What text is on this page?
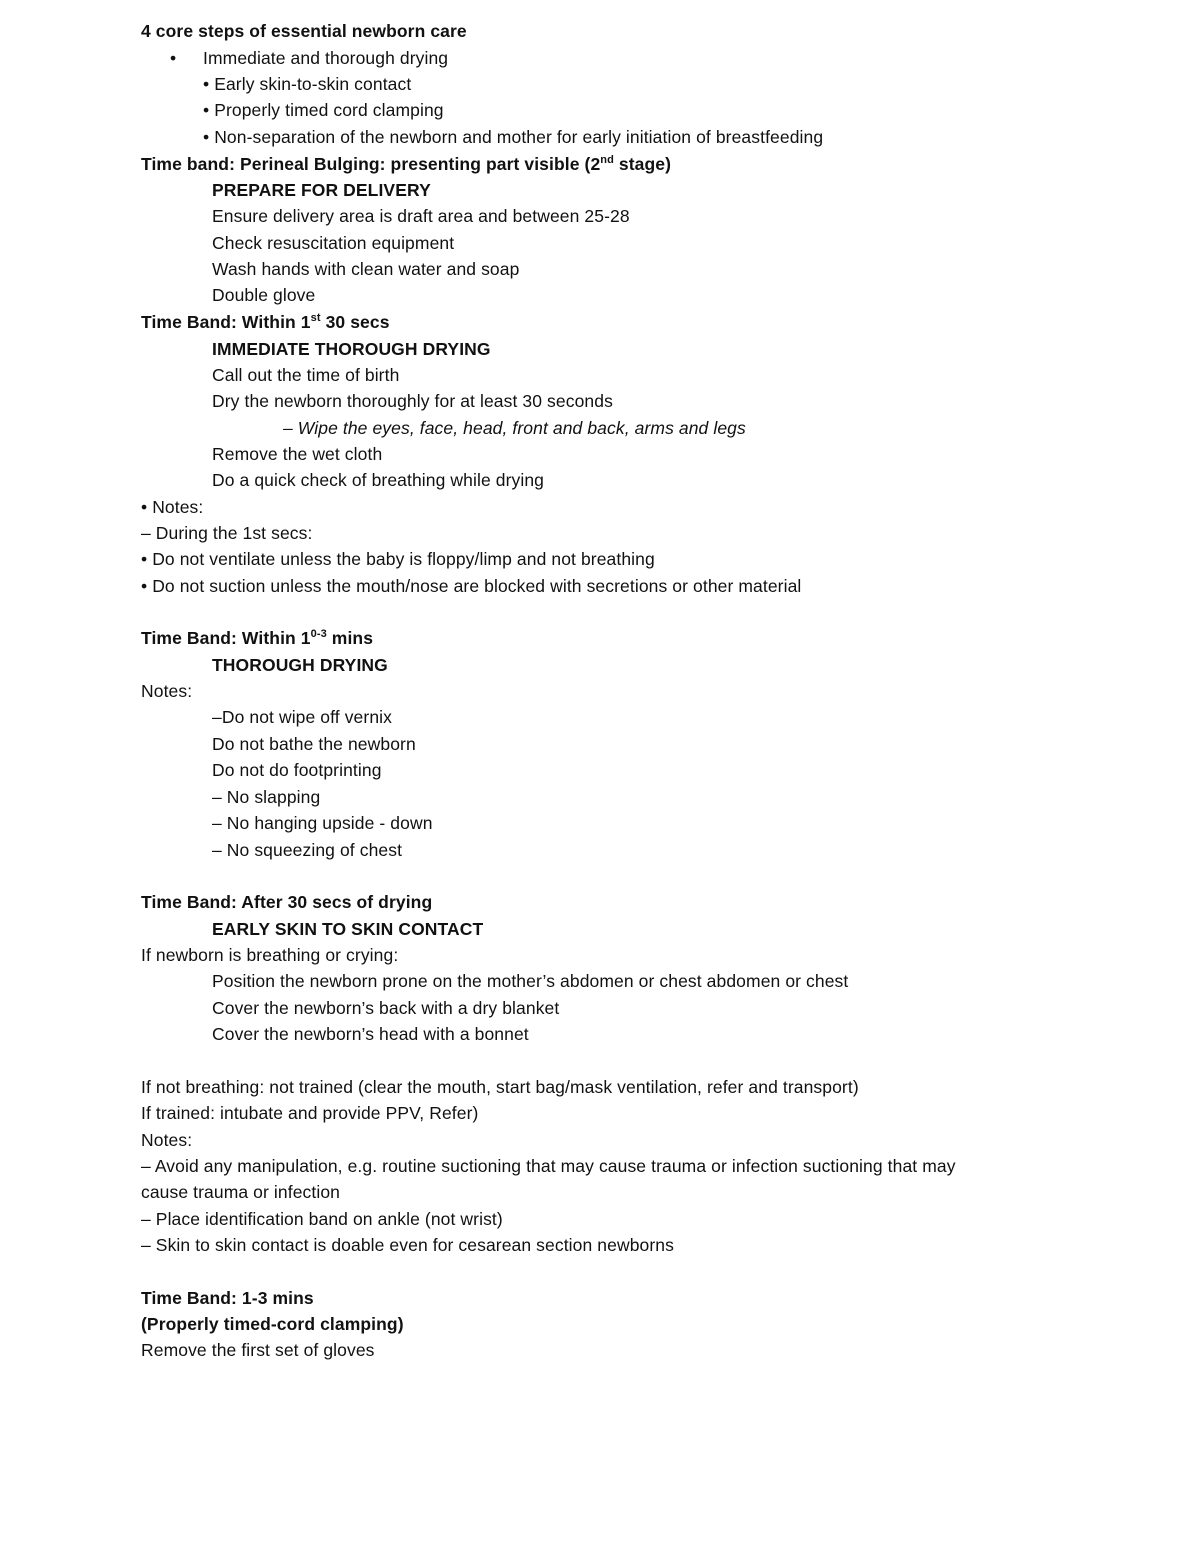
4 core steps of essential newborn care
• Immediate and thorough drying
• Early skin-to-skin contact
• Properly timed cord clamping
• Non-separation of the newborn and mother for early initiation of breastfeeding
Time band: Perineal Bulging: presenting part visible (2nd stage)
PREPARE FOR DELIVERY
Ensure delivery area is draft area and between 25-28
Check resuscitation equipment
Wash hands with clean water and soap
Double glove
Time Band: Within 1st 30 secs
IMMEDIATE THOROUGH DRYING
Call out the time of birth
Dry the newborn thoroughly for at least 30 seconds
– Wipe the eyes, face, head, front and back, arms and legs
Remove the wet cloth
Do a quick check of breathing while drying
• Notes:
– During the 1st secs:
• Do not ventilate unless the baby is floppy/limp and not breathing
• Do not suction unless the mouth/nose are blocked with secretions or other material
Time Band: Within 1$^{0-3}$ mins
THOROUGH DRYING
Notes:
–Do not wipe off vernix
Do not bathe the newborn
Do not do footprinting
– No slapping
– No hanging upside - down
– No squeezing of chest
Time Band: After 30 secs of drying
EARLY SKIN TO SKIN CONTACT
If newborn is breathing or crying:
Position the newborn prone on the mother’s abdomen or chest abdomen or chest
Cover the newborn’s back with a dry blanket
Cover the newborn’s head with a bonnet
If not breathing: not trained (clear the mouth, start bag/mask ventilation, refer and transport)
If trained: intubate and provide PPV, Refer)
Notes:
– Avoid any manipulation, e.g. routine suctioning that may cause trauma or infection suctioning that may
cause trauma or infection
– Place identification band on ankle (not wrist)
– Skin to skin contact is doable even for cesarean section newborns
Time Band: 1-3 mins
(Properly timed-cord clamping)
Remove the first set of gloves
